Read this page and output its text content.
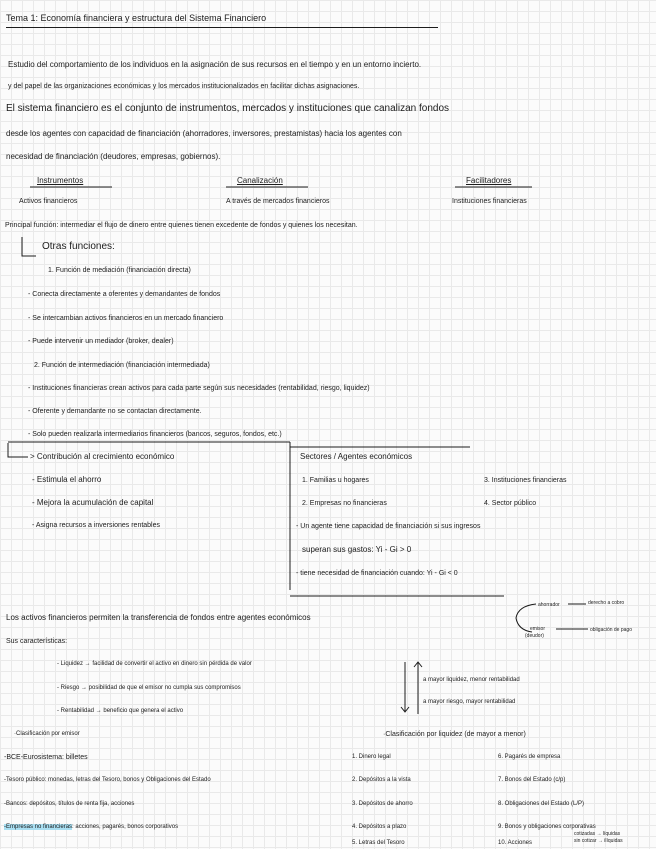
Tema 1: Economía financiera y estructura del Sistema Financiero
Estudio del comportamiento de los individuos en la asignación de sus recursos en el tiempo y en un entorno incierto.
y del papel de las organizaciones económicas y los mercados institucionalizados en facilitar dichas asignaciones.
El sistema financiero es el conjunto de instrumentos, mercados y instituciones que canalizan fondos
desde los agentes con capacidad de financiación (ahorradores, inversores, prestamistas) hacia los agentes con
necesidad de financiación (deudores, empresas, gobiernos).
Instrumentos
Activos financieros
Canalización
A través de mercados financieros
Facilitadores
Instituciones financieras
Principal función: intermediar el flujo de dinero entre quienes tienen excedente de fondos y quienes los necesitan.
Otras funciones:
1. Función de mediación (financiación directa)
- Conecta directamente a oferentes y demandantes de fondos
- Se intercambian activos financieros en un mercado financiero
- Puede intervenir un mediador (broker, dealer)
2. Función de intermediación (financiación intermediada)
- Instituciones financieras crean activos para cada parte según sus necesidades (rentabilidad, riesgo, liquidez)
- Oferente y demandante no se contactan directamente.
- Solo pueden realizarla intermediarios financieros (bancos, seguros, fondos, etc.)
> Contribución al crecimiento económico
- Estimula el ahorro
- Mejora la acumulación de capital
- Asigna recursos a inversiones rentables
Sectores / Agentes económicos
1. Familias u hogares
2. Empresas no financieras
3. Instituciones financieras
4. Sector público
- Un agente tiene capacidad de financiación si sus ingresos
superan sus gastos: Yi - Gi > 0
- tiene necesidad de financiación cuando: Yi - Gi < 0
Los activos financieros permiten la transferencia de fondos entre agentes económicos
ahorrador	derecho a cobro
emisor
(deudor)
obligación de pago
Sus características:
- Liquidez → facilidad de convertir el activo en dinero sin pérdida de valor
- Riesgo → posibilidad de que el emisor no cumpla sus compromisos
- Rentabilidad → beneficio que genera el activo
a mayor liquidez, menor rentabilidad
a mayor riesgo, mayor rentabilidad
·Clasificación por emisor
-BCE-Eurosistema: billetes
-Tesoro público: monedas, letras del Tesoro, bonos y Obligaciones del Estado
-Bancos: depósitos, títulos de renta fija, acciones
-Empresas no financieras: acciones, pagarés, bonos corporativos
·Clasificación por liquidez (de mayor a menor)
1. Dinero legal
2. Depósitos a la vista
3. Depósitos de ahorro
4. Depósitos a plazo
5. Letras del Tesoro
6. Pagarés de empresa
7. Bonos del Estado (c/p)
8. Obligaciones del Estado (L/P)
9. Bonos y obligaciones corporativas
10. Acciones
cotizadas → líquidas
sin cotizar → ilíquidas
